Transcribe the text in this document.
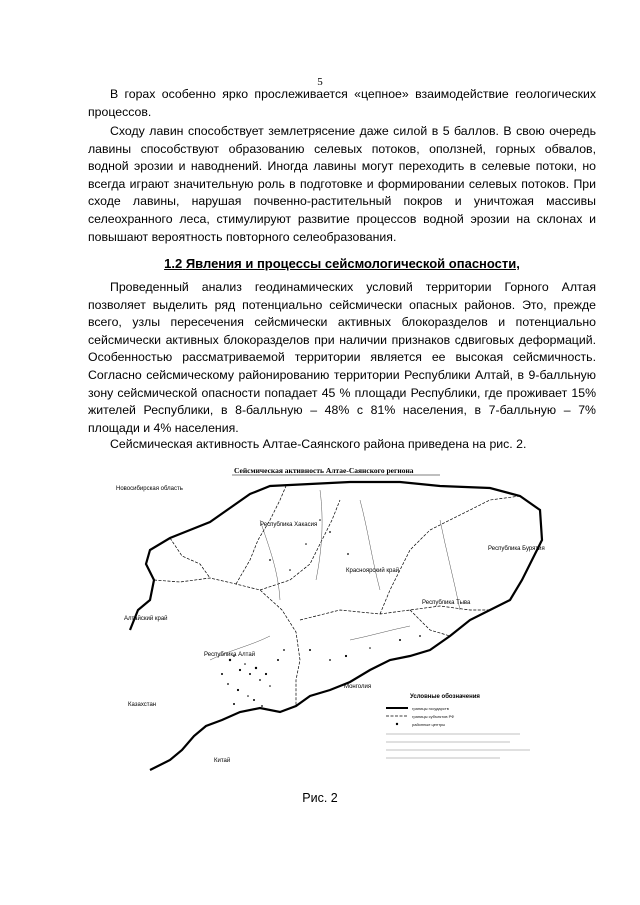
5

В горах особенно ярко прослеживается «цепное» взаимодействие геологических процессов.

Сходу лавин способствует землетрясение даже силой в 5 баллов. В свою очередь лавины способствуют образованию селевых потоков, оползней, горных обвалов, водной эрозии и наводнений. Иногда лавины могут переходить в селевые потоки, но всегда играют значительную роль в подготовке и формировании селевых потоков. При сходе лавины, нарушая почвенно-растительный покров и уничтожая массивы селеохранного леса, стимулируют развитие процессов водной эрозии на склонах и повышают вероятность повторного селеобразования.

1.2 Явления и процессы сейсмологической опасности,

Проведенный анализ геодинамических условий территории Горного Алтая позволяет выделить ряд потенциально сейсмически опасных районов. Это, прежде всего, узлы пересечения сейсмически активных блокоразделов и потенциально сейсмически активных блокоразделов при наличии признаков сдвиговых деформаций. Особенностью рассматриваемой территории является ее высокая сейсмичность. Согласно сейсмическому районированию территории Республики Алтай, в 9-балльную зону сейсмической опасности попадает 45 % площади Республики, где проживает 15% жителей Республики, в 8-балльную – 48% с 81% населения, в 7-балльную – 7% площади и 4% населения.

Сейсмическая активность Алтае-Саянского района приведена на рис. 2.

Сейсмическая активность Алтае-Саянского региона
Новосибирская область
Республика Хакасия
Красноярский край
Республика Бурятия
Алтайский край
Республика Тыва
Республика Алтай
Монголия
Казахстан
Китай
Условные обозначения
границы государств
границы субъектов РФ
районные центры
Рис. 2
